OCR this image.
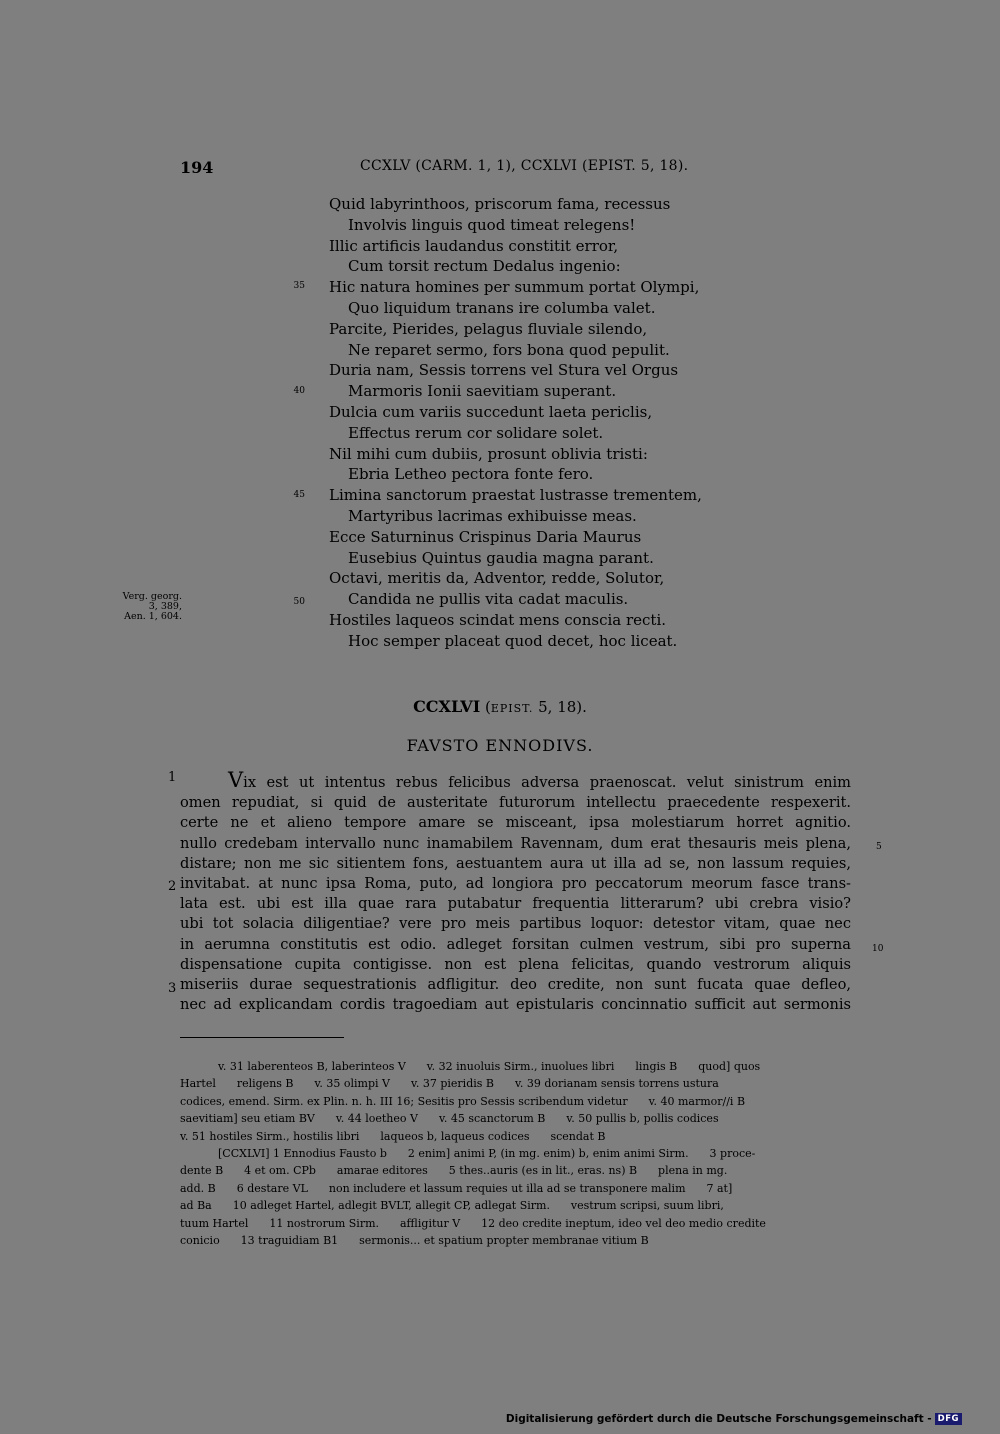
194	CCXLV (CARM. 1, 1), CCXLVI (EPIST. 5, 18).
Quid labyrinthoos, priscorum fama, recessus
Involvis linguis quod timeat relegens!
Illic artificis laudandus constitit error,
Cum torsit rectum Dedalus ingenio:
Hic natura homines per summum portat Olympi,
Quo liquidum tranans ire columba valet.
Parcite, Pierides, pelagus fluviale silendo,
Ne reparet sermo, fors bona quod pepulit.
Duria nam, Sessis torrens vel Stura vel Orgus
Marmoris Ionii saevitiam superant.
Dulcia cum variis succedunt laeta periclis,
Effectus rerum cor solidare solet.
Nil mihi cum dubiis, prosunt oblivia tristi:
Ebria Letheo pectora fonte fero.
Limina sanctorum praestat lustrasse trementem,
Martyribus lacrimas exhibuisse meas.
Ecce Saturninus Crispinus Daria Maurus
Eusebius Quintus gaudia magna parant.
Octavi, meritis da, Adventor, redde, Solutor,
Candida ne pullis vita cadat maculis.
Hostiles laqueos scindat mens conscia recti.
Hoc semper placeat quod decet, hoc liceat.
35
40
45
50
Verg. georg.
3, 389,
Aen. 1, 604.
CCXLVI (EPIST. 5, 18).
FAVSTO ENNODIVS.
Vix est ut intentus rebus felicibus adversa praenoscat. velut sinistrum enim
omen repudiat, si quid de austeritate futurorum intellectu praecedente respexerit.
certe ne et alieno tempore amare se misceant, ipsa molestiarum horret agnitio.
nullo credebam intervallo nunc inamabilem Ravennam, dum erat thesauris meis plena,
distare; non me sic sitientem fons, aestuantem aura ut illa ad se, non lassum requies,
invitabat. at nunc ipsa Roma, puto, ad longiora pro peccatorum meorum fasce trans-
lata est. ubi est illa quae rara putabatur frequentia litterarum? ubi crebra visio?
ubi tot solacia diligentiae? vere pro meis partibus loquor: detestor vitam, quae nec
in aerumna constitutis est odio. adleget forsitan culmen vestrum, sibi pro superna
dispensatione cupita contigisse. non est plena felicitas, quando vestrorum aliquis
miseriis durae sequestrationis adfligitur. deo credite, non sunt fucata quae defleo,
nec ad explicandam cordis tragoediam aut epistularis concinnatio sufficit aut sermonis
1
2
3
5
10
v. 31 laberenteos B, laberinteos V      v. 32 inuoluis Sirm., inuolues libri      lingis B      quod] quos
Hartel      religens B      v. 35 olimpi V      v. 37 pieridis B      v. 39 dorianam sensis torrens ustura
codices, emend. Sirm. ex Plin. n. h. III 16; Sesitis pro Sessis scribendum videtur      v. 40 marmor//i B
saevitiam] seu etiam BV      v. 44 loetheo V      v. 45 scanctorum B      v. 50 pullis b, pollis codices
v. 51 hostiles Sirm., hostilis libri      laqueos b, laqueus codices      scendat B
[CCXLVI] 1 Ennodius Fausto b      2 enim] animi P, (in mg. enim) b, enim animi Sirm.      3 proce-
dente B      4 et om. CPb      amarae editores      5 thes..auris (es in lit., eras. ns) B      plena in mg.
add. B      6 destare VL      non includere et lassum requies ut illa ad se transponere malim      7 at]
ad Ba      10 adleget Hartel, adlegit BVLT, allegit CP, adlegat Sirm.      vestrum scripsi, suum libri,
tuum Hartel      11 nostrorum Sirm.      affligitur V      12 deo credite ineptum, ideo vel deo medio credite
conicio      13 traguidiam B1      sermonis... et spatium propter membranae vitium B
Digitalisierung gefördert durch die Deutsche Forschungsgemeinschaft - DFG
